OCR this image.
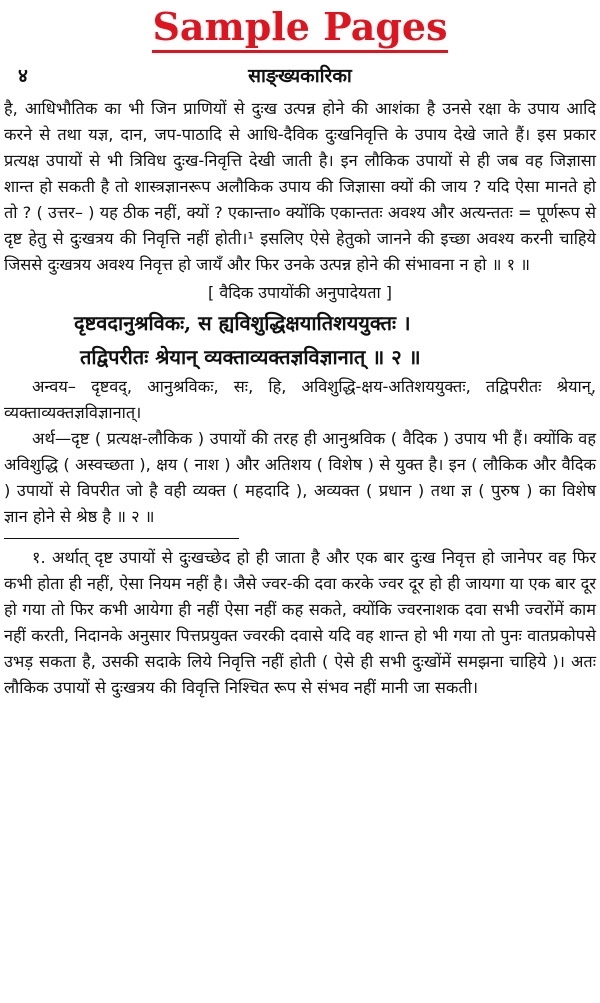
Sample Pages
४	साङ्ख्यकारिका

है, आधिभौतिक का भी जिन प्राणियों से दुःख उत्पन्न होने की आशंका है उनसे रक्षा के उपाय आदि करने से तथा यज्ञ, दान, जप-पाठादि से आधि-दैविक दुःखनिवृत्ति के उपाय देखे जाते हैं। इस प्रकार प्रत्यक्ष उपायों से भी त्रिविध दुःख-निवृत्ति देखी जाती है। इन लौकिक उपायों से ही जब वह जिज्ञासा शान्त हो सकती है तो शास्त्रज्ञानरूप अलौकिक उपाय की जिज्ञासा क्यों की जाय ? यदि ऐसा मानते हो तो ? ( उत्तर– ) यह ठीक नहीं, क्यों ? एकान्ता० क्योंकि एकान्ततः अवश्य और अत्यन्ततः = पूर्णरूप से दृष्ट हेतु से दुःखत्रय की निवृत्ति नहीं होती।¹ इसलिए ऐसे हेतुको जानने की इच्छा अवश्य करनी चाहिये जिससे दुःखत्रय अवश्य निवृत्त हो जायँ और फिर उनके उत्पन्न होने की संभावना न हो ॥ १ ॥

[ वैदिक उपायोंकी अनुपादेयता ]
दृष्टवदानुश्रविकः, स ह्यविशुद्धिक्षयातिशययुक्तः ।
तद्विपरीतः श्रेयान् व्यक्ताव्यक्तज्ञविज्ञानात् ॥ २ ॥

अन्वय– दृष्टवद्, आनुश्रविकः, सः, हि, अविशुद्धि-क्षय-अतिशययुक्तः, तद्विपरीतः श्रेयान्, व्यक्ताव्यक्तज्ञविज्ञानात्।

अर्थ—दृष्ट ( प्रत्यक्ष-लौकिक ) उपायों की तरह ही आनुश्रविक ( वैदिक ) उपाय भी हैं। क्योंकि वह अविशुद्धि ( अस्वच्छता ), क्षय ( नाश ) और अतिशय ( विशेष ) से युक्त है। इन ( लौकिक और वैदिक ) उपायों से विपरीत जो है वही व्यक्त ( महदादि ), अव्यक्त ( प्रधान ) तथा ज्ञ ( पुरुष ) का विशेष ज्ञान होने से श्रेष्ठ है ॥ २ ॥

१. अर्थात् दृष्ट उपायों से दुःखच्छेद हो ही जाता है और एक बार दुःख निवृत्त हो जानेपर वह फिर कभी होता ही नहीं, ऐसा नियम नहीं है। जैसे ज्वर-की दवा करके ज्वर दूर हो ही जायगा या एक बार दूर हो गया तो फिर कभी आयेगा ही नहीं ऐसा नहीं कह सकते, क्योंकि ज्वरनाशक दवा सभी ज्वरोंमें काम नहीं करती, निदानके अनुसार पित्तप्रयुक्त ज्वरकी दवासे यदि वह शान्त हो भी गया तो पुनः वातप्रकोपसे उभड़ सकता है, उसकी सदाके लिये निवृत्ति नहीं होती ( ऐसे ही सभी दुःखोंमें समझना चाहिये )। अतः लौकिक उपायों से दुःखत्रय की विवृत्ति निश्चित रूप से संभव नहीं मानी जा सकती।
